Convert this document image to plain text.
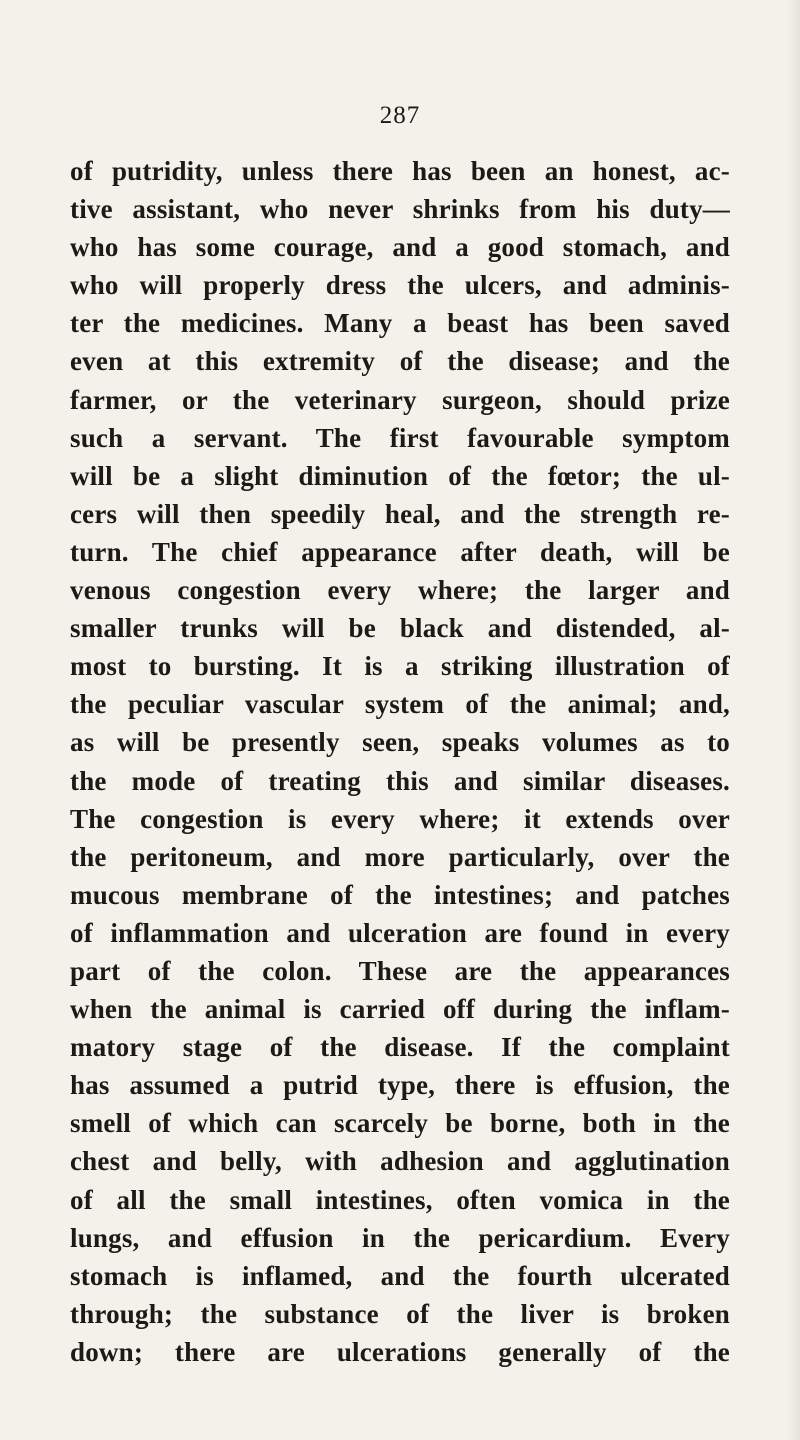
287
of putridity, unless there has been an honest, ac-
tive assistant, who never shrinks from his duty—
who has some courage, and a good stomach, and
who will properly dress the ulcers, and adminis-
ter the medicines. Many a beast has been saved
even at this extremity of the disease; and the
farmer, or the veterinary surgeon, should prize
such a servant. The first favourable symptom
will be a slight diminution of the fœtor; the ul-
cers will then speedily heal, and the strength re-
turn. The chief appearance after death, will be
venous congestion every where; the larger and
smaller trunks will be black and distended, al-
most to bursting. It is a striking illustration of
the peculiar vascular system of the animal; and,
as will be presently seen, speaks volumes as to
the mode of treating this and similar diseases.
The congestion is every where; it extends over
the peritoneum, and more particularly, over the
mucous membrane of the intestines; and patches
of inflammation and ulceration are found in every
part of the colon. These are the appearances
when the animal is carried off during the inflam-
matory stage of the disease. If the complaint
has assumed a putrid type, there is effusion, the
smell of which can scarcely be borne, both in the
chest and belly, with adhesion and agglutination
of all the small intestines, often vomica in the
lungs, and effusion in the pericardium. Every
stomach is inflamed, and the fourth ulcerated
through; the substance of the liver is broken
down; there are ulcerations generally of the
